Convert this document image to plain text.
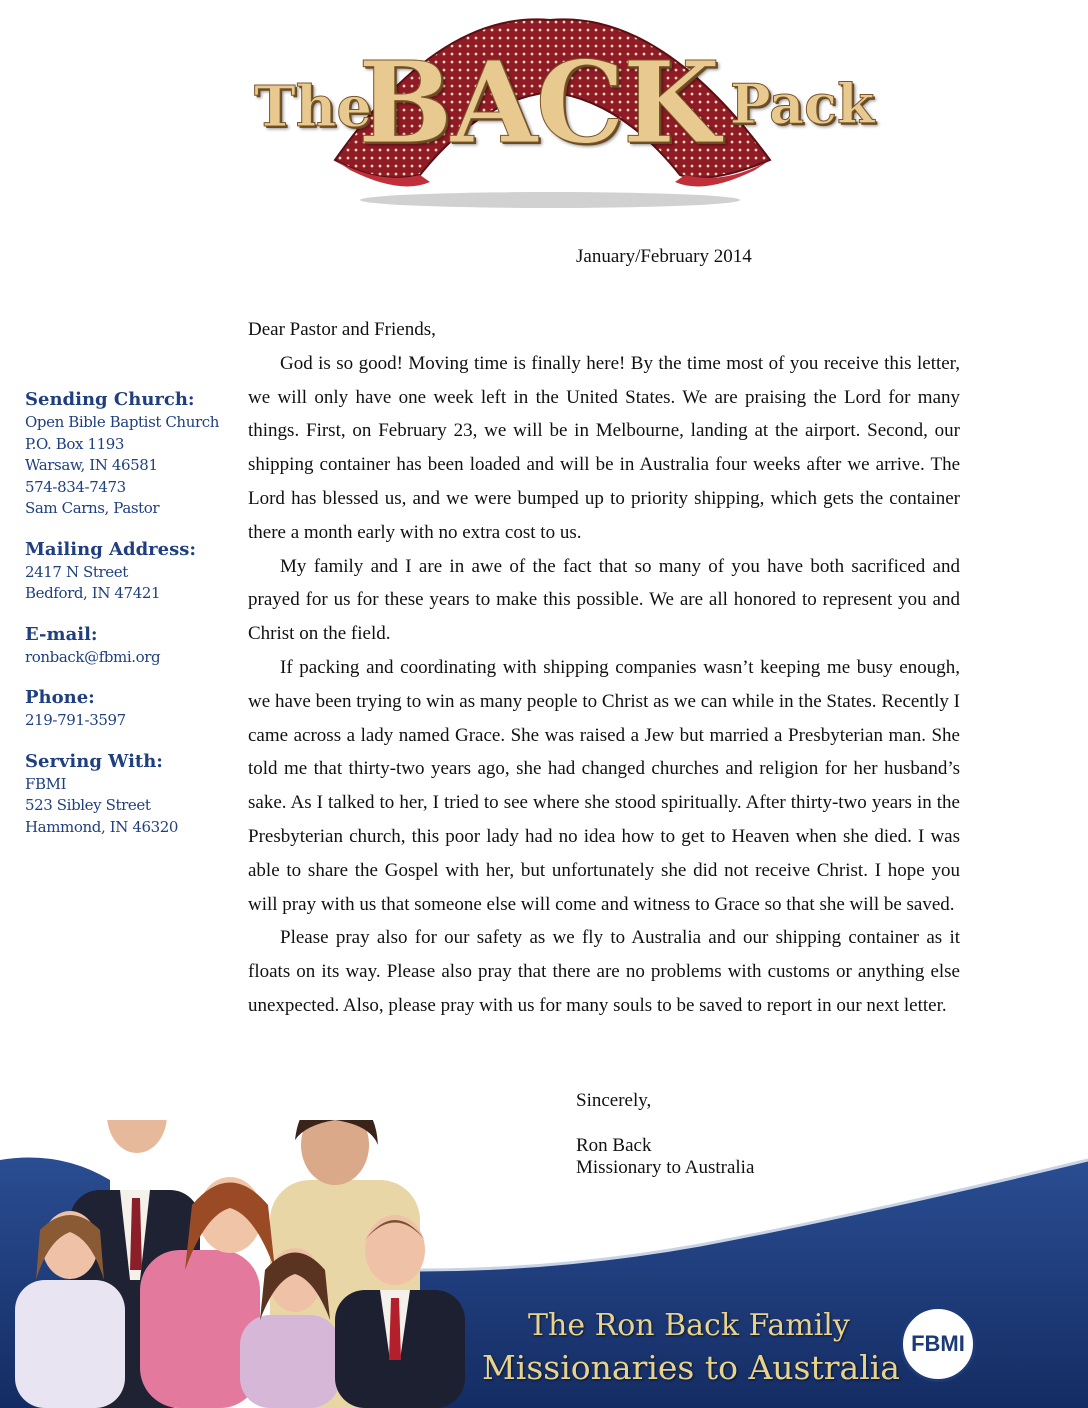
The
BACK Pack
January/February 2014
Sending Church:
Open Bible Baptist Church
P.O. Box 1193
Warsaw, IN 46581
574-834-7473
Sam Carns, Pastor
Mailing Address:
2417 N Street
Bedford, IN 47421
E-mail:
ronback@fbmi.org
Phone:
219-791-3597
Serving With:
FBMI
523 Sibley Street
Hammond, IN 46320

Dear Pastor and Friends,

God is so good! Moving time is finally here! By the time most of you receive this letter, we will only have one week left in the United States. We are praising the Lord for many things. First, on February 23, we will be in Melbourne, landing at the airport. Second, our shipping container has been loaded and will be in Australia four weeks after we arrive. The Lord has blessed us, and we were bumped up to priority shipping, which gets the container there a month early with no extra cost to us.

My family and I are in awe of the fact that so many of you have both sacrificed and prayed for us for these years to make this possible. We are all honored to represent you and Christ on the field.

If packing and coordinating with shipping companies wasn’t keeping me busy enough, we have been trying to win as many people to Christ as we can while in the States. Recently I came across a lady named Grace. She was raised a Jew but married a Presbyterian man. She told me that thirty-two years ago, she had changed churches and religion for her husband’s sake. As I talked to her, I tried to see where she stood spiritually. After thirty-two years in the Presbyterian church, this poor lady had no idea how to get to Heaven when she died. I was able to share the Gospel with her, but unfortunately she did not receive Christ. I hope you will pray with us that someone else will come and witness to Grace so that she will be saved.

Please pray also for our safety as we fly to Australia and our shipping container as it floats on its way. Please also pray that there are no problems with customs or anything else unexpected. Also, please pray with us for many souls to be saved to report in our next letter.

The Ron Back Family
Missionaries to Australia
FBMI
Sincerely,
Ron Back
Missionary to Australia
